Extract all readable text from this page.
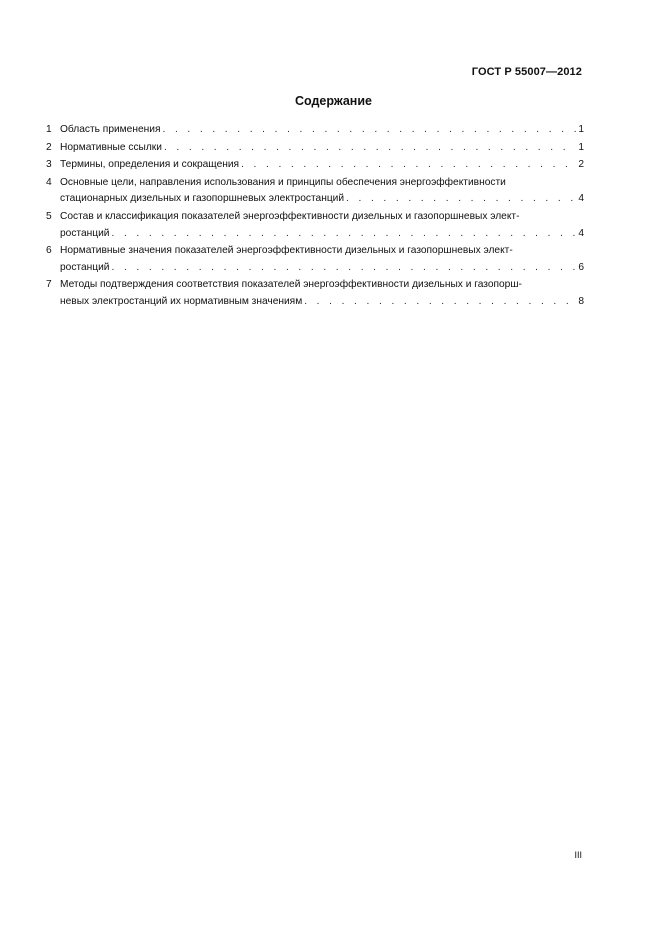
ГОСТ Р 55007—2012
Содержание
1 Область применения . . .	1
2 Нормативные ссылки . . .	1
3 Термины, определения и сокращения . . .	2
4 Основные цели, направления использования и принципы обеспечения энергоэффективности
стационарных дизельных и газопоршневых электростанций . . .	4
5 Состав и классификация показателей энергоэффективности дизельных и газопоршневых элект-
ростанций . . .	4
6 Нормативные значения показателей энергоэффективности дизельных и газопоршневых элект-
ростанций . . .	6
7 Методы подтверждения соответствия показателей энергоэффективности дизельных и газопорш-
невых электростанций их нормативным значениям . . .	8
III
